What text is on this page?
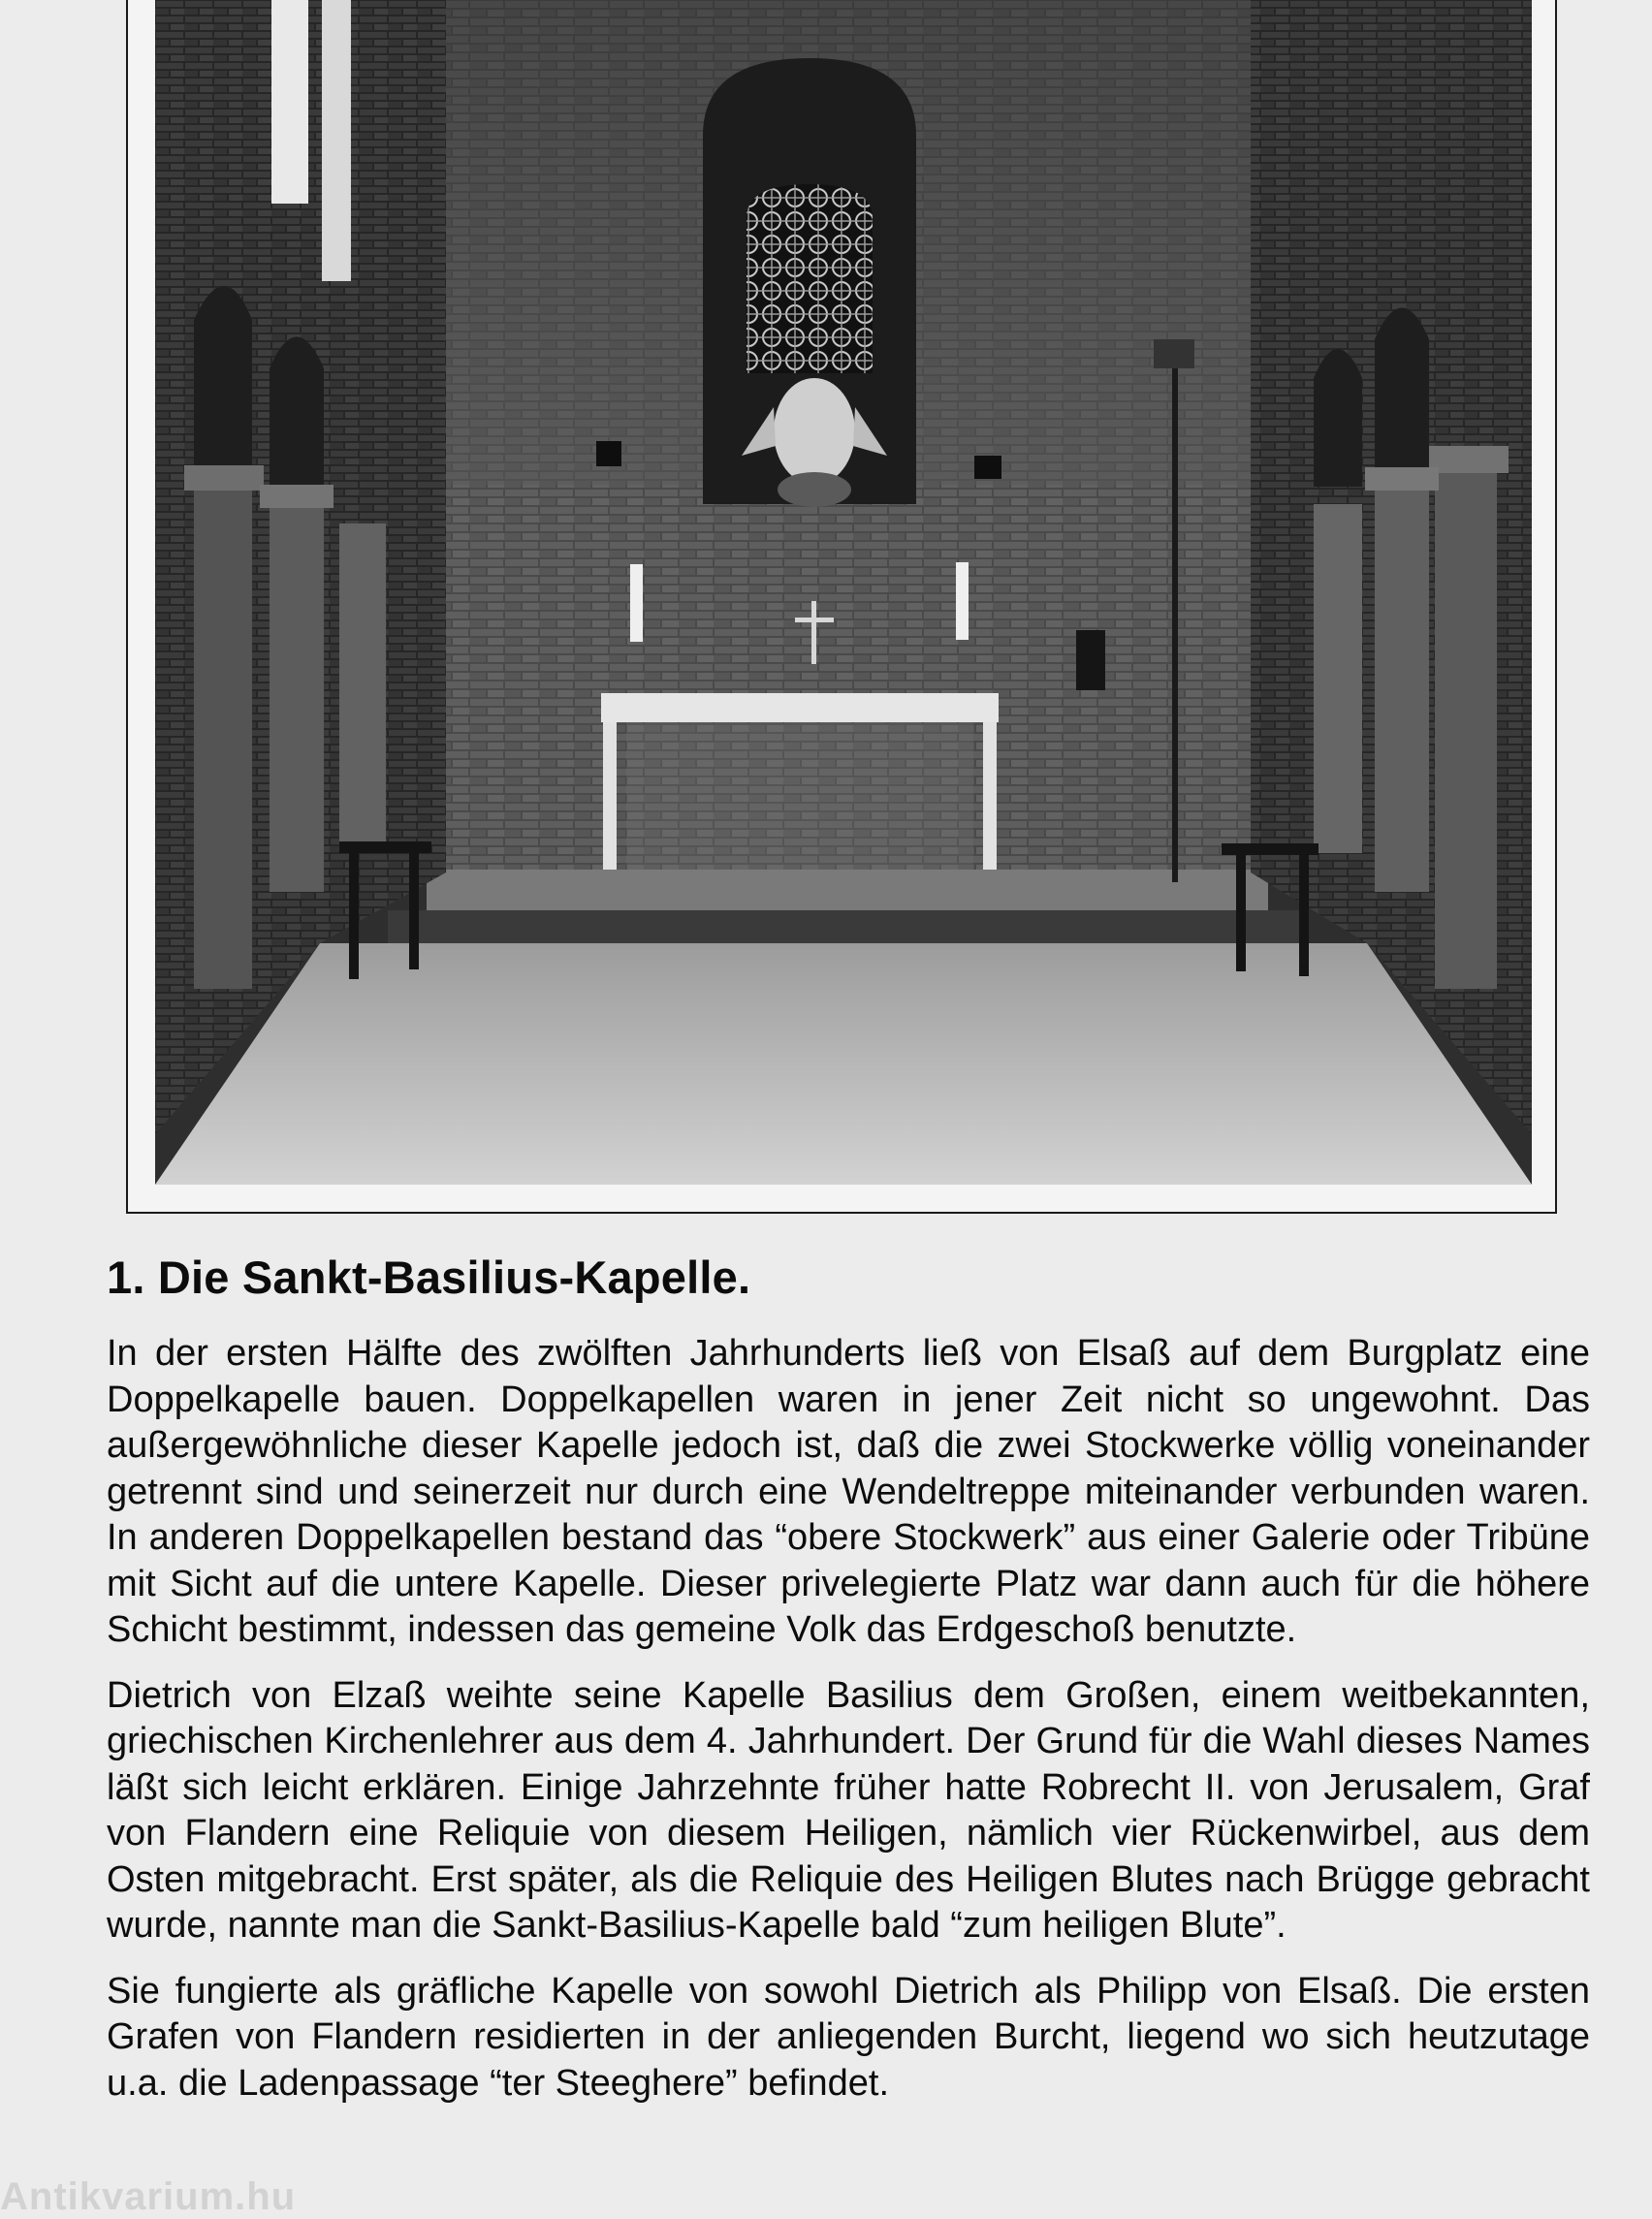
1. Die Sankt-Basilius-Kapelle.

In der ersten Hälfte des zwölften Jahrhunderts ließ von Elsaß auf dem Burgplatz eine Doppelkapelle bauen. Doppelkapellen waren in jener Zeit nicht so ungewohnt. Das außergewöhnliche dieser Kapelle jedoch ist, daß die zwei Stockwerke völlig voneinander getrennt sind und seinerzeit nur durch eine Wendeltreppe miteinander verbunden waren. In anderen Doppelkapellen bestand das “obere Stockwerk” aus einer Galerie oder Tribüne mit Sicht auf die untere Kapelle. Dieser privelegierte Platz war dann auch für die höhere Schicht bestimmt, indessen das gemeine Volk das Erdgeschoß benutzte.

Dietrich von Elzaß weihte seine Kapelle Basilius dem Großen, einem weitbekannten, griechischen Kirchenlehrer aus dem 4. Jahrhundert. Der Grund für die Wahl dieses Names läßt sich leicht erklären. Einige Jahrzehnte früher hatte Robrecht II. von Jerusalem, Graf von Flandern eine Reliquie von diesem Heiligen, nämlich vier Rückenwirbel, aus dem Osten mitgebracht. Erst später, als die Reliquie des Heiligen Blutes nach Brügge gebracht wurde, nannte man die Sankt-Basilius-Kapelle bald “zum heiligen Blute”.

Sie fungierte als gräfliche Kapelle von sowohl Dietrich als Philipp von Elsaß. Die ersten Grafen von Flandern residierten in der anliegenden Burcht, liegend wo sich heutzutage u.a. die Ladenpassage “ter Steeghere” befindet.

Antikvarium.hu
